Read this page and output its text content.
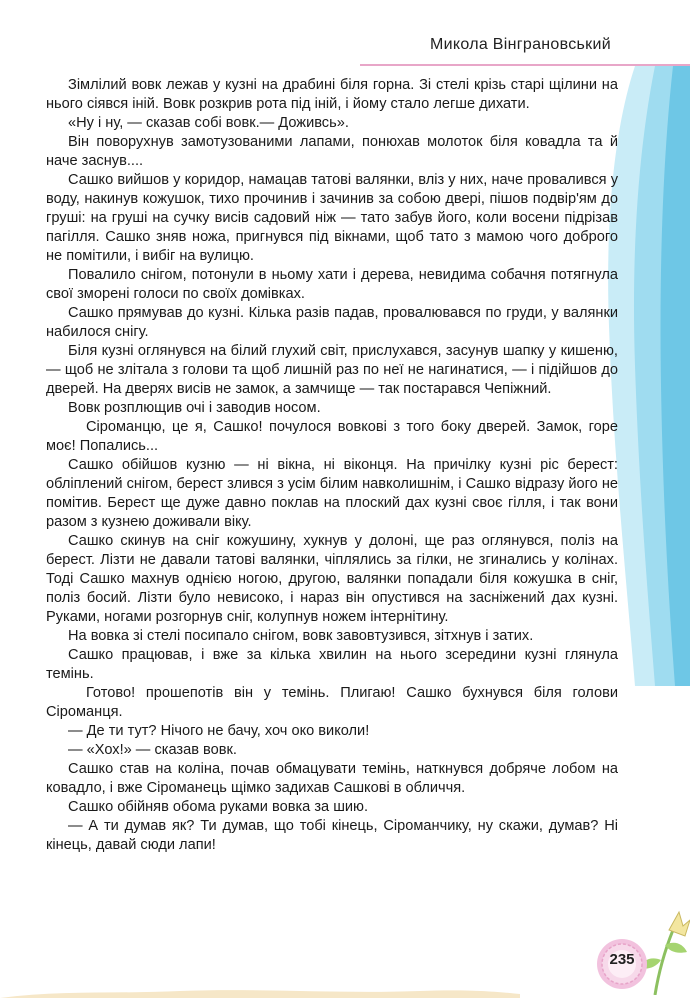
Микола Вінграновський

Зімлілий вовк лежав у кузні на драбині біля горна. Зі стелі крізь старі щілини на нього сіявся іній. Вовк розкрив рота під іній, і йому стало легше дихати.

«Ну і ну, — сказав собі вовк.— Доживсь».

Він поворухнув замотузованими лапами, понюхав молоток біля ковадла та й наче заснув....

Сашко вийшов у коридор, намацав татові валянки, вліз у них, наче провалився у воду, накинув кожушок, тихо прочинив і зачинив за собою двері, пішов подвір'ям до груші: на груші на сучку висів садовий ніж — тато забув його, коли восени підрізав пагілля. Сашко зняв ножа, пригнувся під вікнами, щоб тато з мамою чого доброго не помітили, і вибіг на вулицю.

Повалило снігом, потонули в ньому хати і дерева, невидима собачня потягнула свої зморені голоси по своїх домівках.

Сашко прямував до кузні. Кілька разів падав, провалювався по груди, у валянки набилося снігу.

Біля кузні оглянувся на білий глухий світ, прислухався, засунув шапку у кишеню, — щоб не злітала з голови та щоб лишній раз по неї не нагинатися, — і підійшов до дверей. На дверях висів не замок, а замчище — так постарався Чепіжний.

Вовк розплющив очі і заводив носом.

Сіроманцю, це я, Сашко! почулося вовкові з того боку дверей. Замок, горе моє! Попались...

Сашко обійшов кузню — ні вікна, ні віконця. На причілку кузні ріс берест: обліплений снігом, берест злився з усім білим навколишнім, і Сашко відразу його не помітив. Берест ще дуже давно поклав на плоский дах кузні своє гілля, і так вони разом з кузнею доживали віку.

Сашко скинув на сніг кожушину, хукнув у долоні, ще раз оглянувся, поліз на берест. Лізти не давали татові валянки, чіплялись за гілки, не згинались у колінах. Тоді Сашко махнув однією ногою, другою, валянки попадали біля кожушка в сніг, поліз босий. Лізти було невисоко, і нараз він опустився на засніжений дах кузні. Руками, ногами розгорнув сніг, колупнув ножем інтернітину.

На вовка зі стелі посипало снігом, вовк завовтузився, зітхнув і затих.

Сашко працював, і вже за кілька хвилин на нього зсередини кузні глянула темінь.

Готово! прошепотів він у темінь. Плигаю! Сашко бухнувся біля голови Сіроманця.

— Де ти тут? Нічого не бачу, хоч око виколи!

— «Хох!» — сказав вовк.

Сашко став на коліна, почав обмацувати темінь, наткнувся добряче лобом на ковадло, і вже Сіроманець щімко задихав Сашкові в обличчя.

Сашко обійняв обома руками вовка за шию.

— А ти думав як? Ти думав, що тобі кінець, Сіроманчику, ну скажи, думав? Ні кінець, давай сюди лапи!

235
